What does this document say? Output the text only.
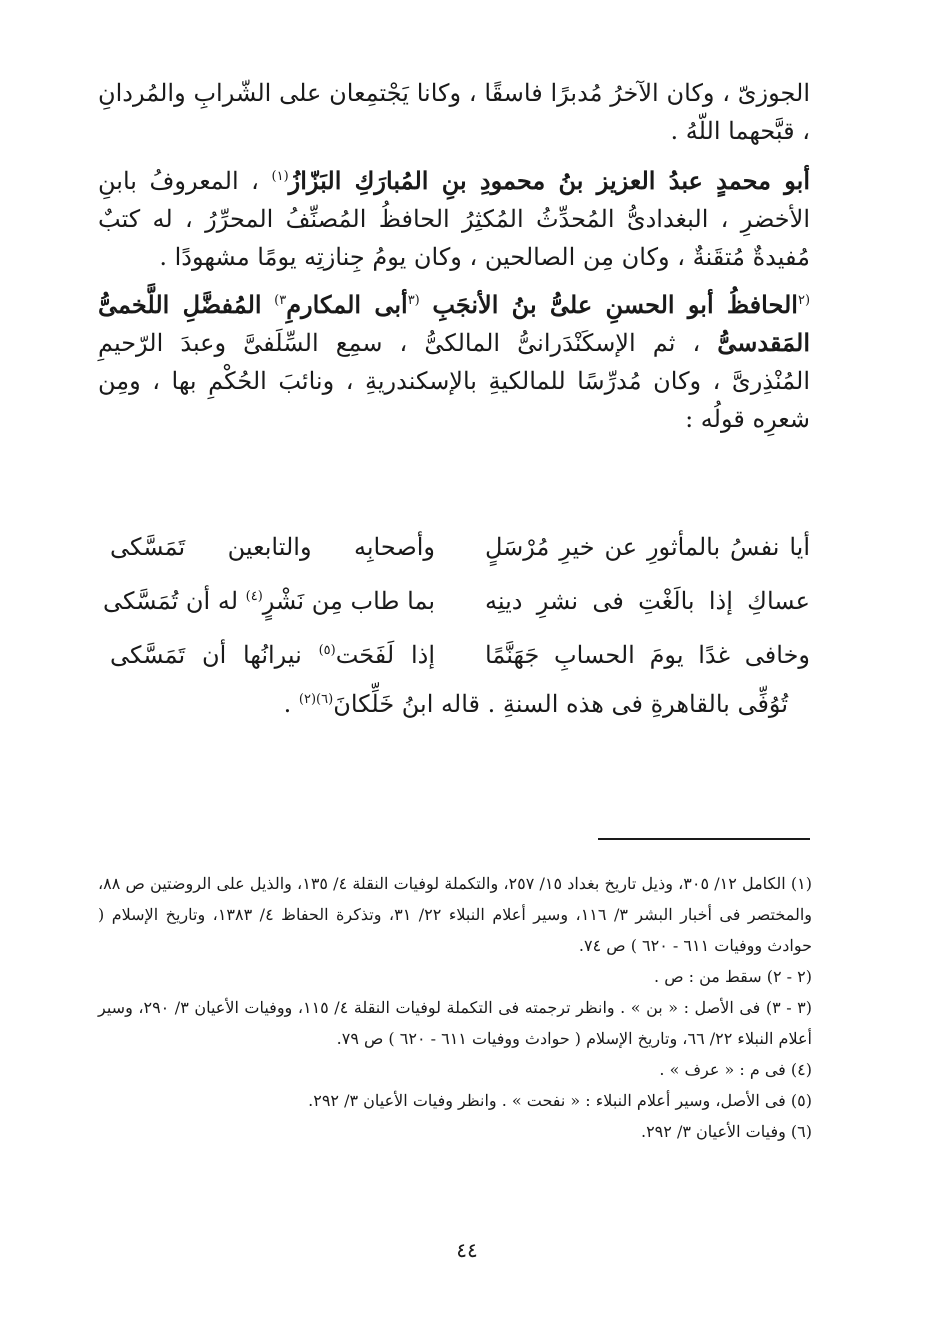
الجوزىّ ، وكان الآخرُ مُدبرًا فاسقًا ، وكانا يَجْتمِعان على الشّرابِ والمُردانِ ، قبَّحهما اللّهُ .

أبو محمدٍ عبدُ العزيز بنُ محمودِ بنِ المُبارَكِ البَزّازُ$^{(١)}$ ، المعروفُ بابنِ الأخضرِ ، البغدادىُّ المُحدِّثُ المُكثِرُ الحافظُ المُصنِّفُ المحرِّرُ ، له كتبٌ مُفيدةٌ مُتقَنةٌ ، وكان مِن الصالحين ، وكان يومُ جِنازتِه يومًا مشهودًا .

$^{(٢}$الحافظُ أبو الحسنِ علىُّ بنُ الأنجَبِ $^{(٣}$أبى المكارمِ$^{٣)}$ المُفضَّلِ اللَّخمىُّ المَقدسىُّ ، ثم الإسكَنْدَرانىُّ المالكىُّ ، سمِع السِّلَفىَّ وعبدَ الرّحيمِ المُنْذِرىَّ ، وكان مُدرِّسًا للمالكيةِ بالإسكندريةِ ، ونائبَ الحُكْمِ بها ، ومِن شعرِه قولُه :

أيا نفسُ بالمأثورِ عن خيرِ مُرْسَلٍ
وأصحابِه والتابعين تَمَسَّكى
عساكِ إذا بالَغْتِ فى نشرِ دينِه
بما طاب مِن نَشْرٍ$^{(٤)}$ له أن تُمَسَّكى
وخافى غدًا يومَ الحسابِ جَهَنَّمًا
إذا لَفَحَت$^{(٥)}$ نيرانُها أن تَمَسَّكى
تُوُفِّى بالقاهرةِ فى هذه السنةِ . قاله ابنُ خَلِّكانَ$^{(٦)(٢)}$ .

(١) الكامل ١٢/ ٣٠٥، وذيل تاريخ بغداد ١٥/ ٢٥٧، والتكملة لوفيات النقلة ٤/ ١٣٥، والذيل على الروضتين ص ٨٨، والمختصر فى أخبار البشر ٣/ ١١٦، وسير أعلام النبلاء ٢٢/ ٣١، وتذكرة الحفاظ ٤/ ١٣٨٣، وتاريخ الإسلام ( حوادث ووفيات ٦١١ - ٦٢٠ ) ص ٧٤.

(٢ - ٢) سقط من : ص .

(٣ - ٣) فى الأصل : « بن » . وانظر ترجمته فى التكملة لوفيات النقلة ٤/ ١١٥، ووفيات الأعيان ٣/ ٢٩٠، وسير أعلام النبلاء ٢٢/ ٦٦، وتاريخ الإسلام ( حوادث ووفيات ٦١١ - ٦٢٠ ) ص ٧٩.

(٤) فى م : « عرف » .

(٥) فى الأصل، وسير أعلام النبلاء : « نفحت » . وانظر وفيات الأعيان ٣/ ٢٩٢.

(٦) وفيات الأعيان ٣/ ٢٩٢.

٤٤
